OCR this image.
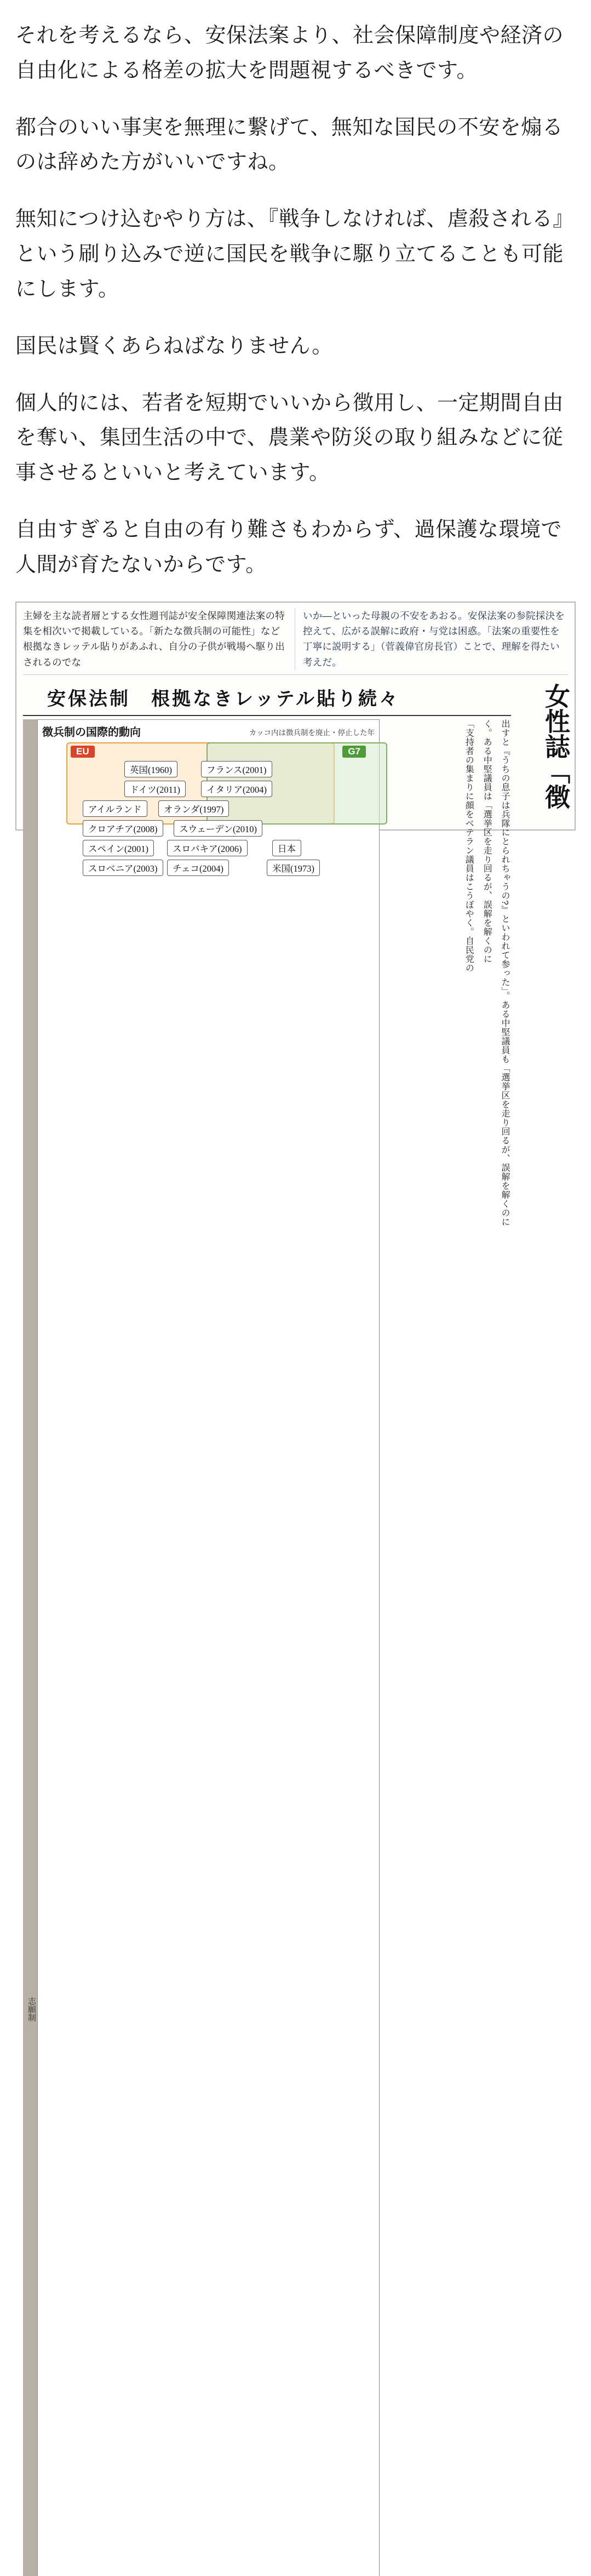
それを考えるなら、安保法案より、社会保障制度や経済の自由化による格差の拡大を問題視するべきです。

都合のいい事実を無理に繋げて、無知な国民の不安を煽るのは辞めた方がいいですね。

無知につけ込むやり方は、『戦争しなければ、虐殺される』という刷り込みで逆に国民を戦争に駆り立てることも可能にします。

国民は賢くあらねばなりません。

個人的には、若者を短期でいいから徴用し、一定期間自由を奪い、集団生活の中で、農業や防災の取り組みなどに従事させるといいと考えています。

自由すぎると自由の有り難さもわからず、過保護な環境で人間が育たないからです。

主婦を主な読者層とする女性週刊誌が安全保障関連法案の特集を相次いで掲載している。「新たな徴兵制の可能性」など根拠なきレッテル貼りがあふれ、自分の子供が戦場へ駆り出されるのでな
いか―といった母親の不安をあおる。安保法案の参院採決を控えて、広がる誤解に政府・与党は困惑。「法案の重要性を丁寧に説明する」（菅義偉官房長官）ことで、理解を得たい考えだ。
安保法制　根拠なきレッテル貼り続々
志願制
徴兵制の国際的動向	カッコ内は徴兵制を廃止・停止した年
EU	G7
英国(1960)	フランス(2001)
ドイツ(2011)	イタリア(2004)
アイルランド	オランダ(1997)
クロアチア(2008)	スウェーデン(2010)
スペイン(2001)	スロバキア(2006)
スロベニア(2003)	チェコ(2004)
日本
米国(1973)	出すと『うちの息子は兵隊にとられちゃうの?』といわれて参った」。ある中堅議員も「選挙区を走り回るが、誤解を解くのに
く。ある中堅議員は「選挙区を走り回るが、誤解を解くのに
「支持者の集まりに顔をベテラン議員はこうぼやく。自民党の	女性誌「徴
